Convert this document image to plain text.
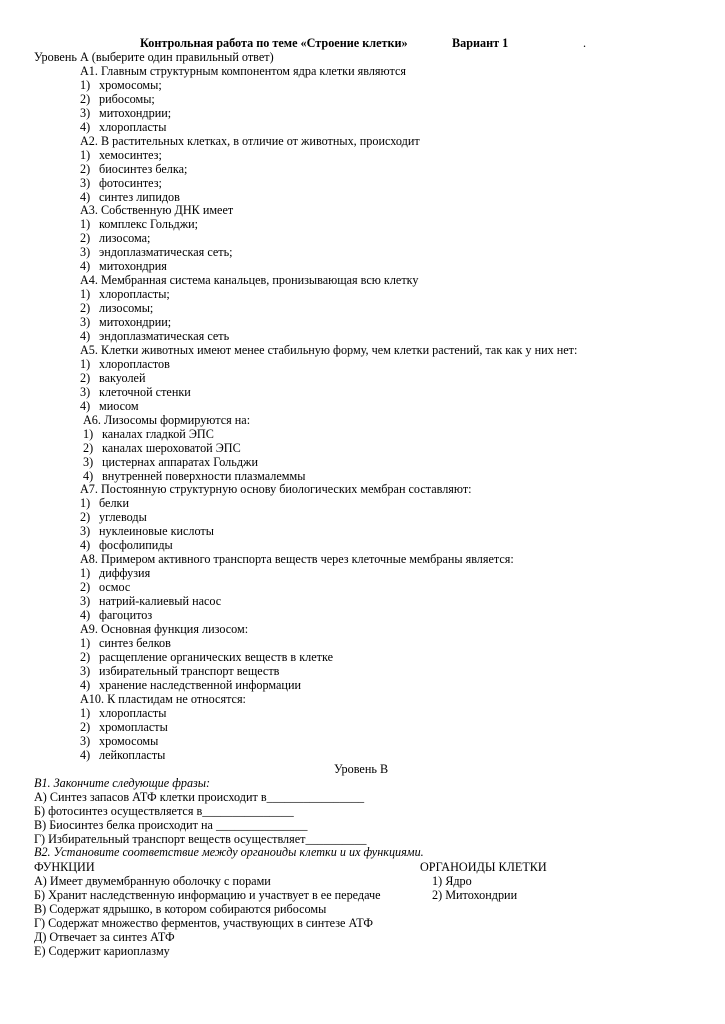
Контрольная работа по теме «Строение клетки»	Вариант 1	.
Уровень А (выберите один правильный ответ)
А1. Главным структурным компонентом ядра клетки являются
1) хромосомы;
2) рибосомы;
3) митохондрии;
4) хлоропласты
А2. В растительных клетках, в отличие от животных, происходит
1) хемосинтез;
2) биосинтез белка;
3) фотосинтез;
4) синтез липидов
А3. Собственную ДНК имеет
1) комплекс Гольджи;
2) лизосома;
3) эндоплазматическая сеть;
4) митохондрия
А4. Мембранная система канальцев, пронизывающая всю клетку
1) хлоропласты;
2) лизосомы;
3) митохондрии;
4) эндоплазматическая сеть
А5. Клетки животных имеют менее стабильную форму, чем клетки растений, так как у них нет:
1) хлоропластов
2) вакуолей
3) клеточной стенки
4) миосом
А6. Лизосомы формируются на:
1) каналах гладкой ЭПС
2) каналах шероховатой ЭПС
3) цистернах аппаратах Гольджи
4) внутренней поверхности плазмалеммы
А7. Постоянную структурную основу биологических мембран составляют:
1) белки
2) углеводы
3) нуклеиновые кислоты
4) фосфолипиды
А8. Примером активного транспорта веществ через клеточные мембраны является:
1) диффузия
2) осмос
3) натрий-калиевый насос
4) фагоцитоз
А9. Основная функция лизосом:
1) синтез белков
2) расщепление органических веществ в клетке
3) избирательный транспорт веществ
4) хранение наследственной информации
А10. К пластидам не относятся:
1) хлоропласты
2) хромопласты
3) хромосомы
4) лейкопласты
Уровень В
В1. Закончите следующие фразы:
А) Синтез запасов АТФ клетки происходит в________________
Б) фотосинтез осуществляется в_______________
В) Биосинтез белка происходит на _______________
Г) Избирательный транспорт веществ осуществляет__________
В2. Установите соответствие между органоиды клетки и их функциями.
ФУНКЦИИ	ОРГАНОИДЫ КЛЕТКИ
А) Имеет двумембранную оболочку с порами	1) Ядро
Б) Хранит наследственную информацию и участвует в ее передаче	2) Митохондрии
В) Содержат ядрышко, в котором собираются рибосомы
Г) Содержат множество ферментов, участвующих в синтезе АТФ
Д) Отвечает за синтез АТФ
Е) Содержит кариоплазму
